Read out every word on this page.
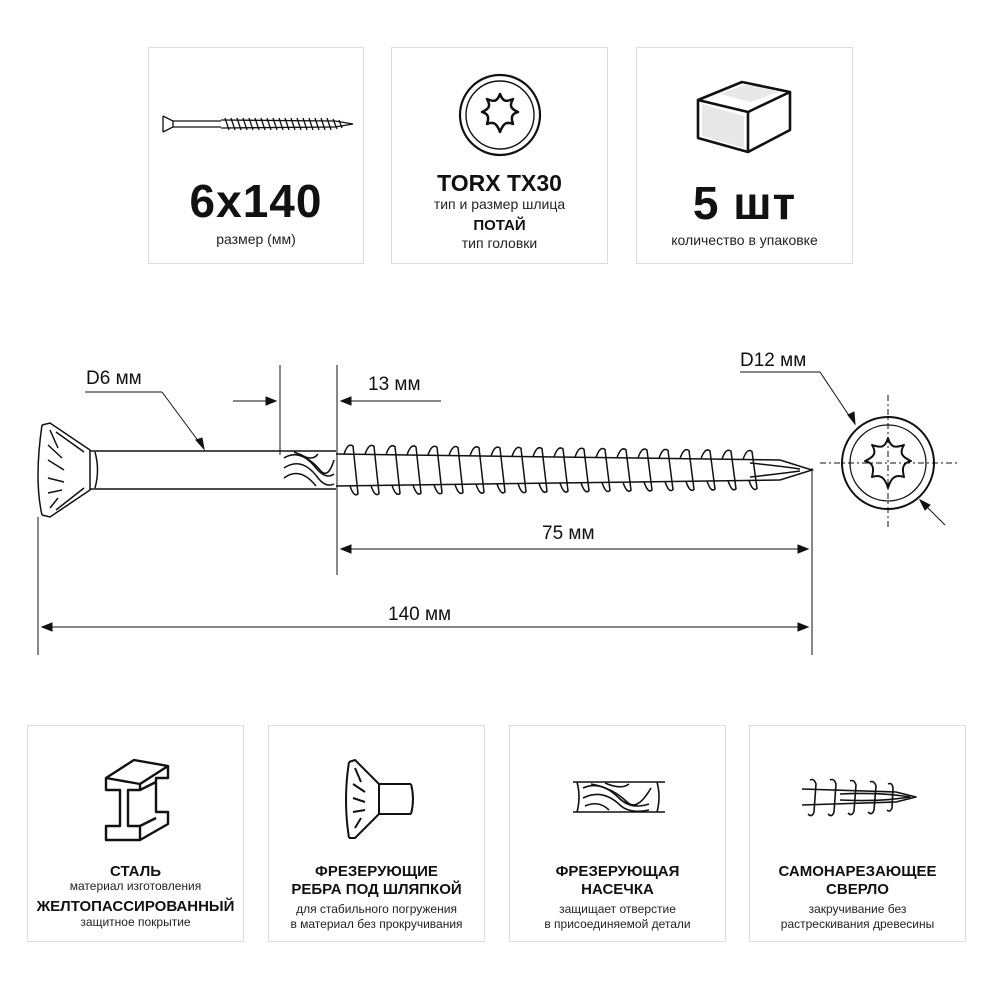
6x140
размер (мм)
TORX TX30
тип и размер шлица
ПОТАЙ
тип головки
5 шт
количество в упаковке
D6 мм	13 мм
D12 мм
75 мм
140 мм
СТАЛЬ
материал изготовления
ЖЕЛТОПАССИРОВАННЫЙ
защитное покрытие
ФРЕЗЕРУЮЩИЕ
РЕБРА ПОД ШЛЯПКОЙ
для стабильного погружения
в материал без прокручивания
ФРЕЗЕРУЮЩАЯ
НАСЕЧКА
защищает отверстие
в присоединяемой детали
САМОНАРЕЗАЮЩЕЕ
СВЕРЛО
закручивание без
растрескивания древесины
